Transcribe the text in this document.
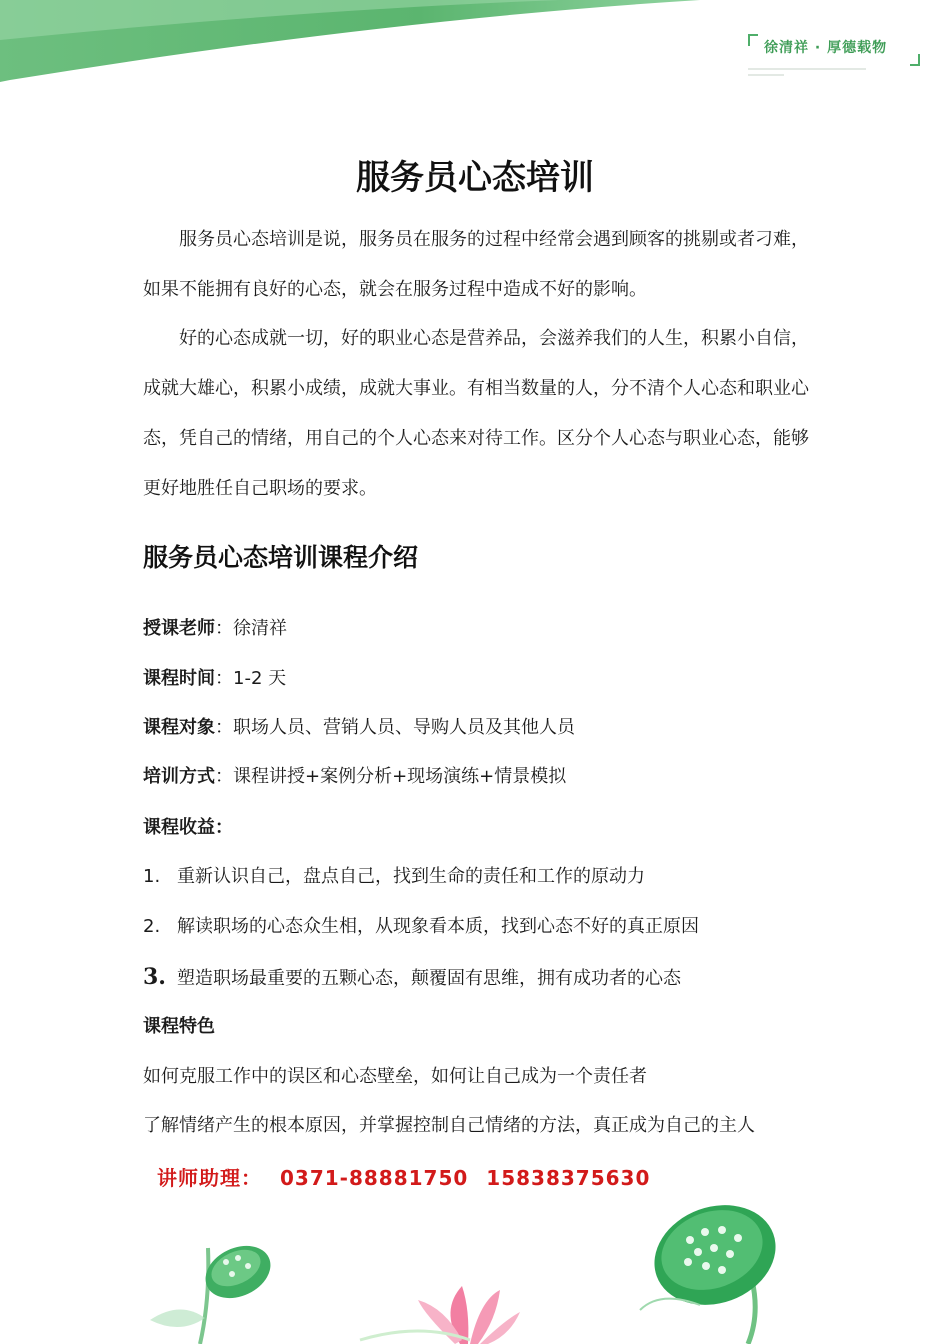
徐清祥 · 厚德载物
服务员心态培训
服务员心态培训是说，服务员在服务的过程中经常会遇到顾客的挑剔或者刁难，如果不能拥有良好的心态，就会在服务过程中造成不好的影响。
好的心态成就一切，好的职业心态是营养品，会滋养我们的人生，积累小自信，成就大雄心，积累小成绩，成就大事业。有相当数量的人，分不清个人心态和职业心态，凭自己的情绪，用自己的个人心态来对待工作。区分个人心态与职业心态，能够更好地胜任自己职场的要求。
服务员心态培训课程介绍
授课老师：徐清祥
课程时间：1-2 天
课程对象：职场人员、营销人员、导购人员及其他人员
培训方式：课程讲授+案例分析+现场演练+情景模拟
课程收益：
1. 重新认识自己，盘点自己，找到生命的责任和工作的原动力
2. 解读职场的心态众生相，从现象看本质，找到心态不好的真正原因
3. 塑造职场最重要的五颗心态，颠覆固有思维，拥有成功者的心态
课程特色
如何克服工作中的误区和心态壁垒，如何让自己成为一个责任者
了解情绪产生的根本原因，并掌握控制自己情绪的方法，真正成为自己的主人
讲师助理： 0371-88881750 15838375630
